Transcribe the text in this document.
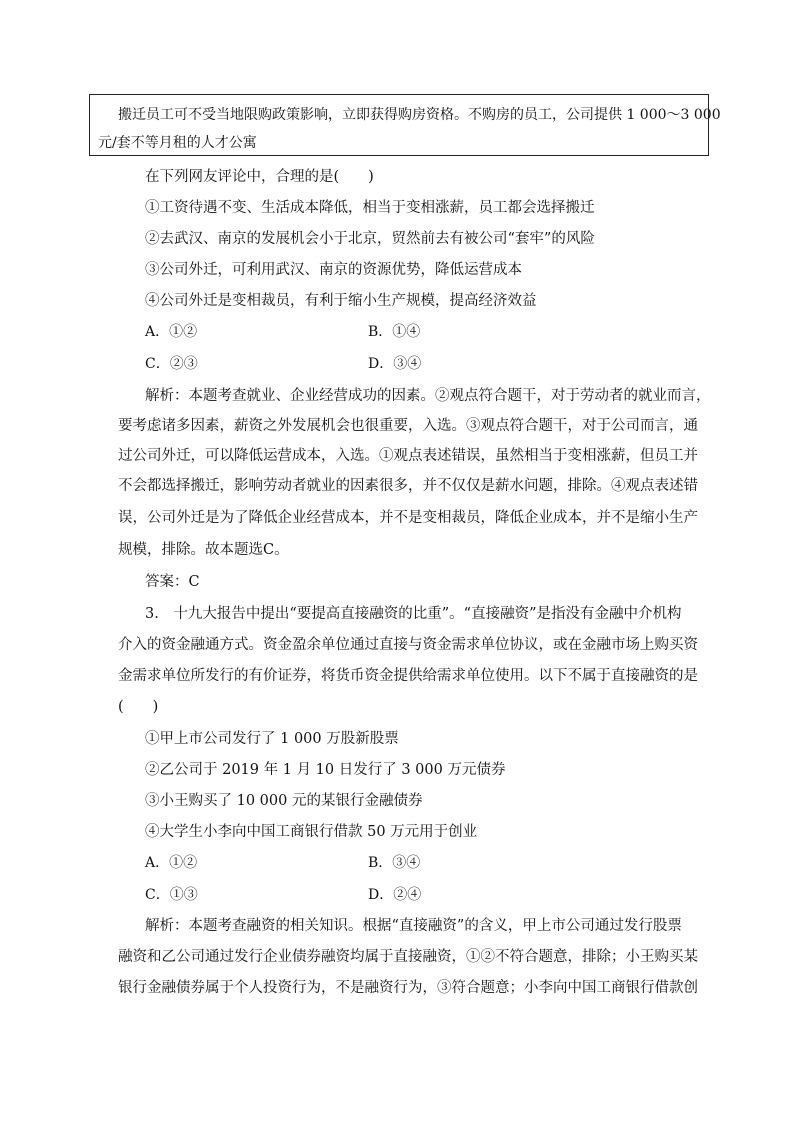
搬迁员工可不受当地限购政策影响，立即获得购房资格。不购房的员工，公司提供 1 000～3 000
元/套不等月租的人才公寓
在下列网友评论中，合理的是(　　)
①工资待遇不变、生活成本降低，相当于变相涨薪，员工都会选择搬迁
②去武汉、南京的发展机会小于北京，贸然前去有被公司“套牢”的风险
③公司外迁，可利用武汉、南京的资源优势，降低运营成本
④公司外迁是变相裁员，有利于缩小生产规模，提高经济效益
A．①②	B．①④
C．②③	D．③④
解析：本题考查就业、企业经营成功的因素。②观点符合题干，对于劳动者的就业而言，
要考虑诸多因素，薪资之外发展机会也很重要，入选。③观点符合题干，对于公司而言，通
过公司外迁，可以降低运营成本，入选。①观点表述错误，虽然相当于变相涨薪，但员工并
不会都选择搬迁，影响劳动者就业的因素很多，并不仅仅是薪水问题，排除。④观点表述错
误，公司外迁是为了降低企业经营成本，并不是变相裁员，降低企业成本，并不是缩小生产
规模，排除。故本题选C。
答案：C
3.　十九大报告中提出“要提高直接融资的比重”。“直接融资”是指没有金融中介机构
介入的资金融通方式。资金盈余单位通过直接与资金需求单位协议，或在金融市场上购买资
金需求单位所发行的有价证券，将货币资金提供给需求单位使用。以下不属于直接融资的是
(　　)
①甲上市公司发行了 1 000 万股新股票
②乙公司于 2019 年 1 月 10 日发行了 3 000 万元债券
③小王购买了 10 000 元的某银行金融债券
④大学生小李向中国工商银行借款 50 万元用于创业
A．①②	B．③④
C．①③	D．②④
解析：本题考查融资的相关知识。根据“直接融资”的含义，甲上市公司通过发行股票
融资和乙公司通过发行企业债券融资均属于直接融资，①②不符合题意，排除；小王购买某
银行金融债券属于个人投资行为，不是融资行为，③符合题意；小李向中国工商银行借款创
